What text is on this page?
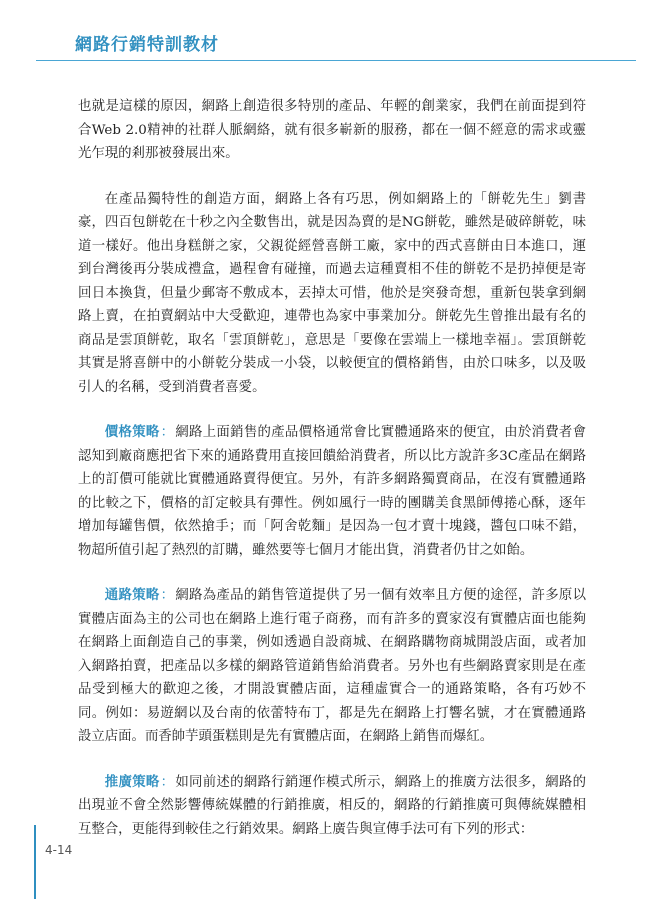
網路行銷特訓教材

也就是這樣的原因，網路上創造很多特別的產品、年輕的創業家，我們在前面提到符合Web 2.0精神的社群人脈網絡，就有很多嶄新的服務，都在一個不經意的需求或靈光乍現的剎那被發展出來。

在產品獨特性的創造方面，網路上各有巧思，例如網路上的「餅乾先生」劉書豪，四百包餅乾在十秒之內全數售出，就是因為賣的是NG餅乾，雖然是破碎餅乾，味道一樣好。他出身糕餅之家，父親從經營喜餅工廠，家中的西式喜餅由日本進口，運到台灣後再分裝成禮盒，過程會有碰撞，而過去這種賣相不佳的餅乾不是扔掉便是寄回日本換貨，但量少郵寄不敷成本，丟掉太可惜，他於是突發奇想，重新包裝拿到網路上賣，在拍賣網站中大受歡迎，連帶也為家中事業加分。餅乾先生曾推出最有名的商品是雲頂餅乾，取名「雲頂餅乾」，意思是「要像在雲端上一樣地幸福」。雲頂餅乾其實是將喜餅中的小餅乾分裝成一小袋，以較便宜的價格銷售，由於口味多，以及吸引人的名稱，受到消費者喜愛。

價格策略：網路上面銷售的產品價格通常會比實體通路來的便宜，由於消費者會認知到廠商應把省下來的通路費用直接回饋給消費者，所以比方說許多3C產品在網路上的訂價可能就比實體通路賣得便宜。另外，有許多網路獨賣商品，在沒有實體通路的比較之下，價格的訂定較具有彈性。例如風行一時的團購美食黑師傅捲心酥，逐年增加每罐售價，依然搶手；而「阿舍乾麵」是因為一包才賣十塊錢，醬包口味不錯，物超所值引起了熱烈的訂購，雖然要等七個月才能出貨，消費者仍甘之如飴。

通路策略：網路為產品的銷售管道提供了另一個有效率且方便的途徑，許多原以實體店面為主的公司也在網路上進行電子商務，而有許多的賣家沒有實體店面也能夠在網路上面創造自己的事業，例如透過自設商城、在網路購物商城開設店面，或者加入網路拍賣，把產品以多樣的網路管道銷售給消費者。另外也有些網路賣家則是在產品受到極大的歡迎之後，才開設實體店面，這種虛實合一的通路策略，各有巧妙不同。例如：易遊網以及台南的依蕾特布丁，都是先在網路上打響名號，才在實體通路設立店面。而香帥芋頭蛋糕則是先有實體店面，在網路上銷售而爆紅。

推廣策略：如同前述的網路行銷運作模式所示，網路上的推廣方法很多，網路的出現並不會全然影響傳統媒體的行銷推廣，相反的，網路的行銷推廣可與傳統媒體相互整合，更能得到較佳之行銷效果。網路上廣告與宣傳手法可有下列的形式：

4-14
